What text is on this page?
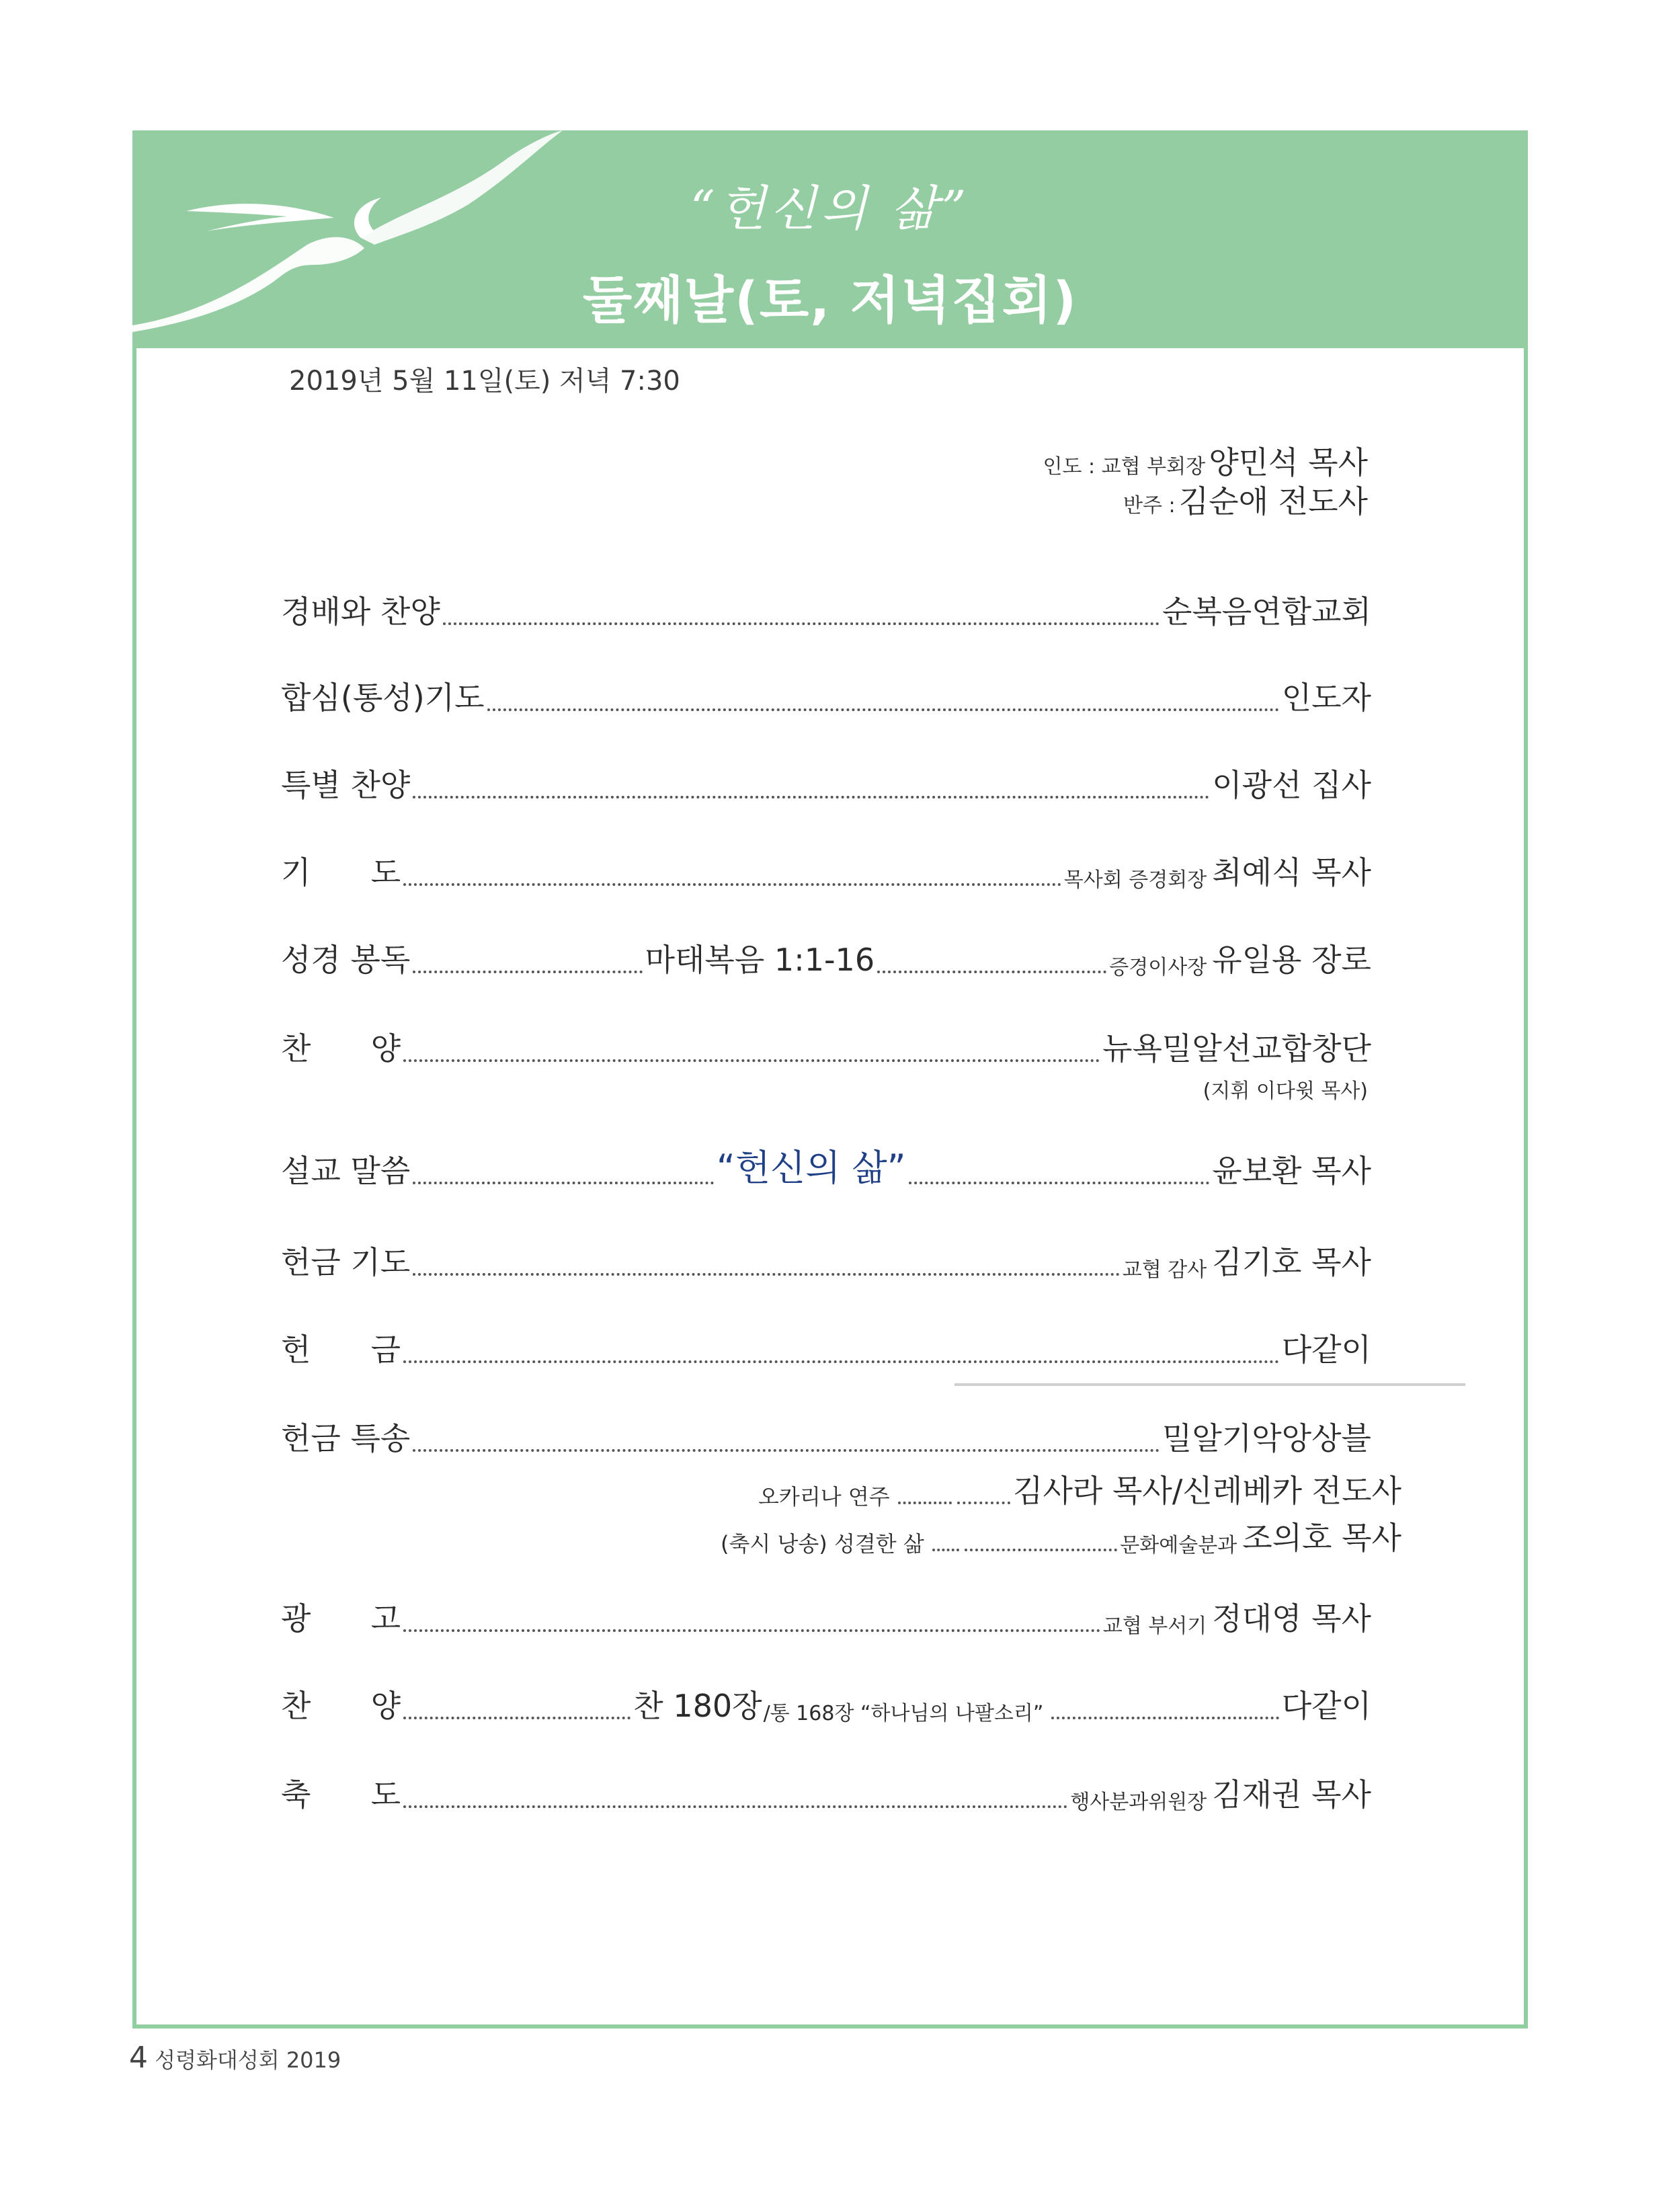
“헌신의 삶”
둘째날(토, 저녁집회)
2019년 5월 11일(토) 저녁 7:30
인도 : 교협 부회장 양민석 목사
반주 : 김순애 전도사
경배와 찬양	순복음연합교회
합심(통성)기도	인도자
특별 찬양	이광선 집사
기 도	목사회 증경회장 최예식 목사
성경 봉독	마태복음 1:1-16	증경이사장 유일용 장로
찬 양	뉴욕밀알선교합창단
(지휘 이다윗 목사)
설교 말씀	“헌신의 삶”	윤보환 목사
헌금 기도	교협 감사 김기호 목사
헌 금	다같이
헌금 특송	밀알기악앙상블
오카리나 연주	김사라 목사/신레베카 전도사
(축시 낭송) 성결한 삶	문화예술분과 조의호 목사
광 고	교협 부서기 정대영 목사
찬 양	찬 180장 /통 168장 “하나님의 나팔소리”	다같이
축 도	행사분과위원장 김재권 목사
4 성령화대성회 2019
